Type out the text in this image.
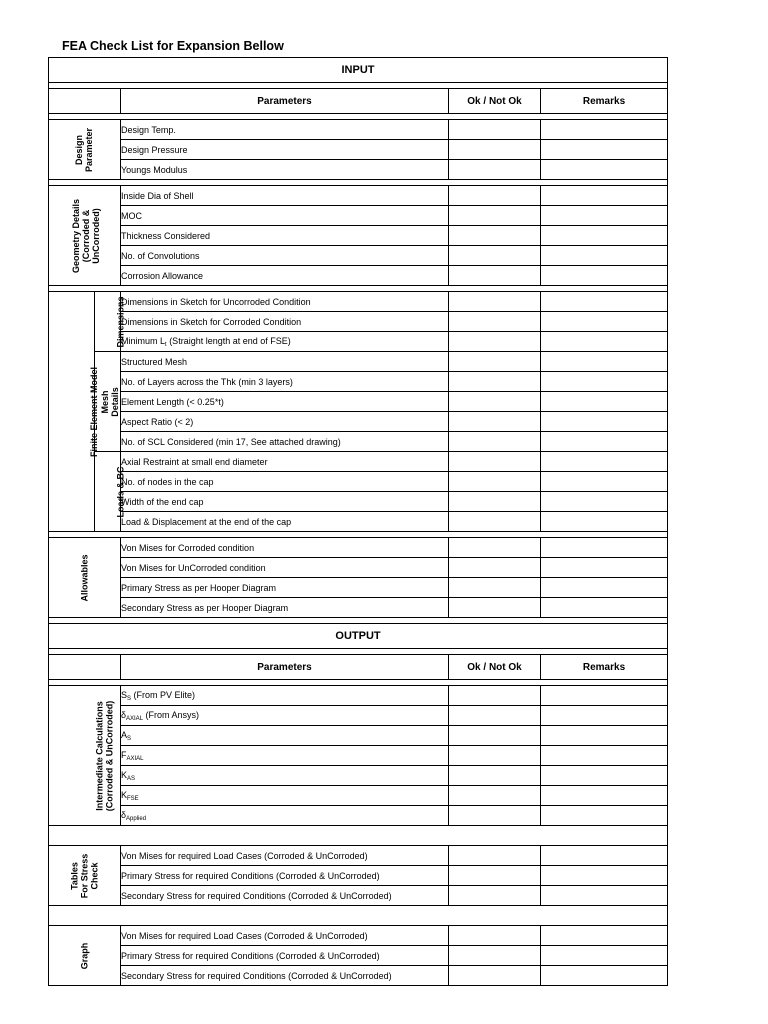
FEA Check List for Expansion Bellow
INPUT				

		Parameters	Ok / Not Ok	Remarks

Design
Parameter		Design Temp.		
		Design Pressure		
		Youngs Modulus		

Geometry Details
(Corroded &
UnCorroded)		Inside Dia of Shell		
		MOC		
		Thickness Considered		
		No. of Convolutions		
		Corrosion Allowance		

Finite Element Model	Dimensions	Dimensions in Sketch for Uncorroded Condition		
		Dimensions in Sketch for Corroded Condition		
		Minimum $L_t$ (Straight length at end of FSE)		
	Mesh
Details	Structured Mesh		
		No. of Layers across the Thk (min 3 layers)		
		Element Length (< 0.25*t)		
		Aspect Ratio (< 2)		
		No. of SCL Considered (min 17, See attached drawing)		
	Loads & BC	Axial Restraint at small end diameter		
		No. of nodes in the cap		
		Width of the end cap		
		Load & Displacement at the end of the cap		

Allowables		Von Mises for Corroded condition		
		Von Mises for UnCorroded condition		
		Primary Stress as per Hooper Diagram		
		Secondary Stress as per Hooper Diagram		

OUTPUT				

		Parameters	Ok / Not Ok	Remarks

Intermediate Calculations
(Corroded & UnCorroded)		$S_S$ (From PV Elite)		
		$\delta_{AXIAL}$ (From Ansys)		
		$A_S$		
		$F_{AXIAL}$		
		$K_{AS}$		
		$K_{FSE}$		
		$\delta_{Applied}$		

Tables
For Stress
Check		Von Mises for required Load Cases (Corroded & UnCorroded)		
		Primary Stress for required Conditions (Corroded & UnCorroded)		
		Secondary Stress for required Conditions (Corroded & UnCorroded)		

Graph		Von Mises for required Load Cases (Corroded & UnCorroded)		
		Primary Stress for required Conditions (Corroded & UnCorroded)		
		Secondary Stress for required Conditions (Corroded & UnCorroded)		
